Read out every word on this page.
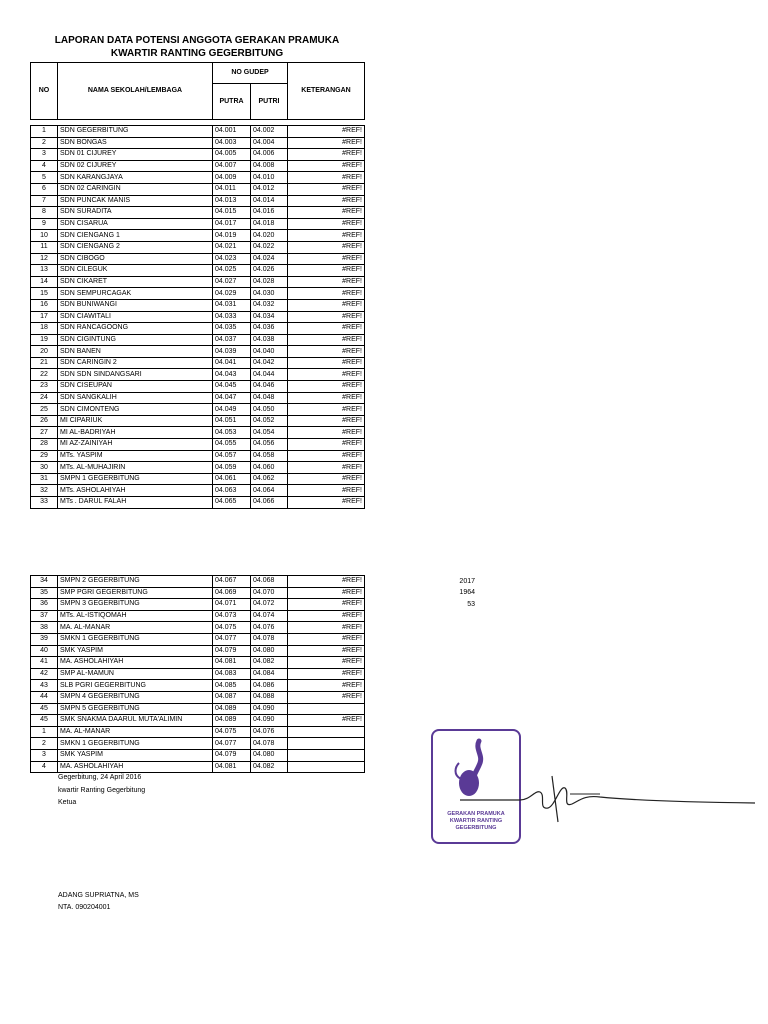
LAPORAN DATA POTENSI ANGGOTA GERAKAN PRAMUKA
KWARTIR RANTING GEGERBITUNG
NO	NAMA SEKOLAH/LEMBAGA	NO GUDEP		KETERANGAN
		PUTRA	PUTRI	
1	SDN GEGERBITUNG	04.001	04.002	#REF!
2	SDN BONGAS	04.003	04.004	#REF!
3	SDN 01 CIJUREY	04.005	04.006	#REF!
4	SDN 02 CIJUREY	04.007	04.008	#REF!
5	SDN KARANGJAYA	04.009	04.010	#REF!
6	SDN 02 CARINGIN	04.011	04.012	#REF!
7	SDN PUNCAK MANIS	04.013	04.014	#REF!
8	SDN SURADITA	04.015	04.016	#REF!
9	SDN CISARUA	04.017	04.018	#REF!
10	SDN CIENGANG 1	04.019	04.020	#REF!
11	SDN CIENGANG 2	04.021	04.022	#REF!
12	SDN CIBOGO	04.023	04.024	#REF!
13	SDN CILEGUK	04.025	04.026	#REF!
14	SDN CIKARET	04.027	04.028	#REF!
15	SDN SEMPURCAGAK	04.029	04.030	#REF!
16	SDN BUNIWANGI	04.031	04.032	#REF!
17	SDN CIAWITALI	04.033	04.034	#REF!
18	SDN RANCAGOONG	04.035	04.036	#REF!
19	SDN CIGINTUNG	04.037	04.038	#REF!
20	SDN BANEN	04.039	04.040	#REF!
21	SDN CARINGIN 2	04.041	04.042	#REF!
22	SDN SDN SINDANGSARI	04.043	04.044	#REF!
23	SDN CISEUPAN	04.045	04.046	#REF!
24	SDN SANGKALIH	04.047	04.048	#REF!
25	SDN CIMONTENG	04.049	04.050	#REF!
26	MI CIPARIUK	04.051	04.052	#REF!
27	MI AL-BADRIYAH	04.053	04.054	#REF!
28	MI AZ-ZAINIYAH	04.055	04.056	#REF!
29	MTs. YASPIM	04.057	04.058	#REF!
30	MTs. AL-MUHAJIRIN	04.059	04.060	#REF!
31	SMPN 1 GEGERBITUNG	04.061	04.062	#REF!
32	MTs. ASHOLAHIYAH	04.063	04.064	#REF!
33	MTs . DARUL FALAH	04.065	04.066	#REF!
34	SMPN 2 GEGERBITUNG	04.067	04.068	#REF!
35	SMP PGRI GEGERBITUNG	04.069	04.070	#REF!
36	SMPN 3 GEGERBITUNG	04.071	04.072	#REF!
37	MTs. AL-ISTIQOMAH	04.073	04.074	#REF!
38	MA. AL-MANAR	04.075	04.076	#REF!
39	SMKN 1 GEGERBITUNG	04.077	04.078	#REF!
40	SMK YASPIM	04.079	04.080	#REF!
41	MA. ASHOLAHIYAH	04.081	04.082	#REF!
42	SMP AL-MAMUN	04.083	04.084	#REF!
43	SLB PGRI GEGERBITUNG	04.085	04.086	#REF!
44	SMPN 4 GEGERBITUNG	04.087	04.088	#REF!
45	SMPN 5 GEGERBITUNG	04.089	04.090	
45	SMK SNAKMA DAARUL MUTA'ALIMIN	04.089	04.090	#REF!
1	MA. AL-MANAR	04.075	04.076	
2	SMKN 1 GEGERBITUNG	04.077	04.078	
3	SMK YASPIM	04.079	04.080	
4	MA. ASHOLAHIYAH	04.081	04.082	
2017
1964
53
Gegerbitung, 24 April 2016
kwartir Ranting Gegerbitung
Ketua
ADANG SUPRIATNA, MS
NTA. 090204001
GERAKAN PRAMUKA
KWARTIR RANTING
GEGERBITUNG
